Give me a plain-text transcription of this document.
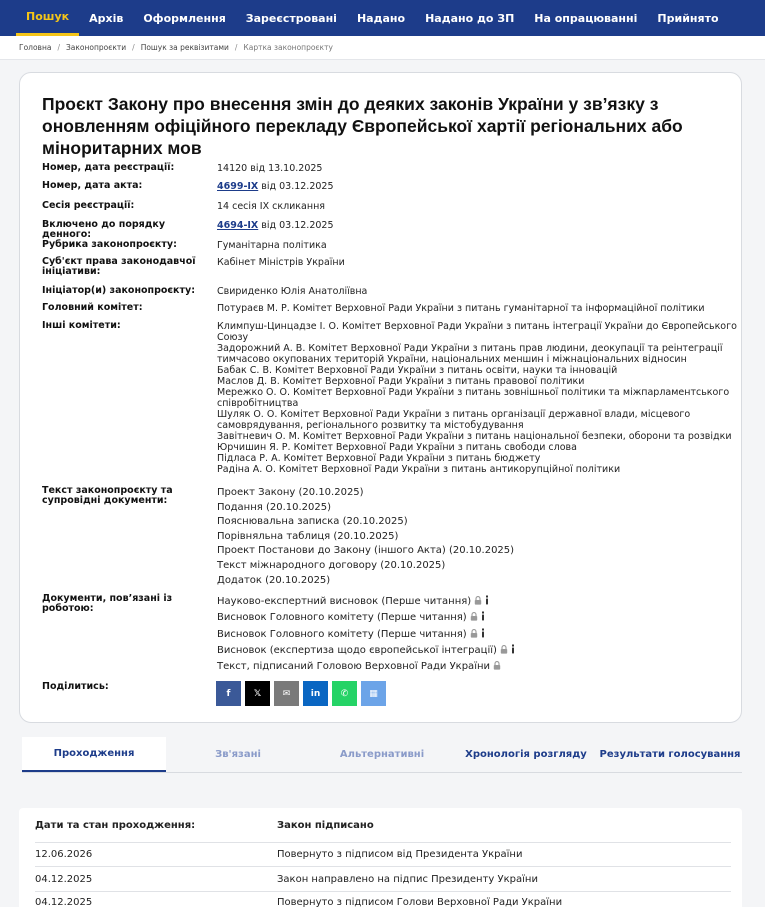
Пошук	Архів	Оформлення	Зареєстровані	Надано	Надано до ЗП	На опрацюванні	Прийнято
Головна / Законопроєкти / Пошук за реквізитами / Картка законопроєкту
Проєкт Закону про внесення змін до деяких законів України у зв’язку з оновленням офіційного перекладу Європейської хартії регіональних або міноритарних мов
Номер, дата реєстрації:	14120 від 13.10.2025
Номер, дата акта:	4699-IX від 03.12.2025
Сесія реєстрації:	14 сесія IX скликання
Включено до порядку денного:
4694-IX від 03.12.2025
Рубрика законопроєкту:	Гуманітарна політика
Суб'єкт права законодавчої ініціативи:
Кабінет Міністрів України
Ініціатор(и) законопроєкту:	Свириденко Юлія Анатоліївна
Головний комітет:	Потураєв М. Р. Комітет Верховної Ради України з питань гуманітарної та інформаційної політики
Інші комітети:	Климпуш-Цинцадзе І. О. Комітет Верховної Ради України з питань інтеграції України до Європейського Союзу
Задорожний А. В. Комітет Верховної Ради України з питань прав людини, деокупації та реінтеграції тимчасово окупованих територій України, національних меншин і міжнаціональних відносин
Бабак С. В. Комітет Верховної Ради України з питань освіти, науки та інновацій
Маслов Д. В. Комітет Верховної Ради України з питань правової політики
Мережко О. О. Комітет Верховної Ради України з питань зовнішньої політики та міжпарламентського співробітництва
Шуляк О. О. Комітет Верховної Ради України з питань організації державної влади, місцевого самоврядування, регіонального розвитку та містобудування
Завітневич О. М. Комітет Верховної Ради України з питань національної безпеки, оборони та розвідки
Юрчишин Я. Р. Комітет Верховної Ради України з питань свободи слова
Підласа Р. А. Комітет Верховної Ради України з питань бюджету
Радіна А. О. Комітет Верховної Ради України з питань антикорупційної політики
Текст законопроєкту та супровідні документи:
Проект Закону (20.10.2025)
Подання (20.10.2025)
Пояснювальна записка (20.10.2025)
Порівняльна таблиця (20.10.2025)
Проект Постанови до Закону (іншого Акта) (20.10.2025)
Текст міжнародного договору (20.10.2025)
Додаток (20.10.2025)
Документи, пов’язані із роботою:
Науково-експертний висновок (Перше читання)
Висновок Головного комітету (Перше читання)
Висновок Головного комітету (Перше читання)
Висновок (експертиза щодо європейської інтеграції)
Текст, підписаний Головою Верховної Ради України
Поділитись:
f	𝕏	✉	in	✆	▦
Проходження	Зв'язані	Альтернативні	Хронологія розгляду	Результати голосування
Дати та стан проходження:	Закон підписано
12.06.2026	Повернуто з підписом від Президента України
04.12.2025	Закон направлено на підпис Президенту України
04.12.2025	Повернуто з підписом Голови Верховної Ради України
